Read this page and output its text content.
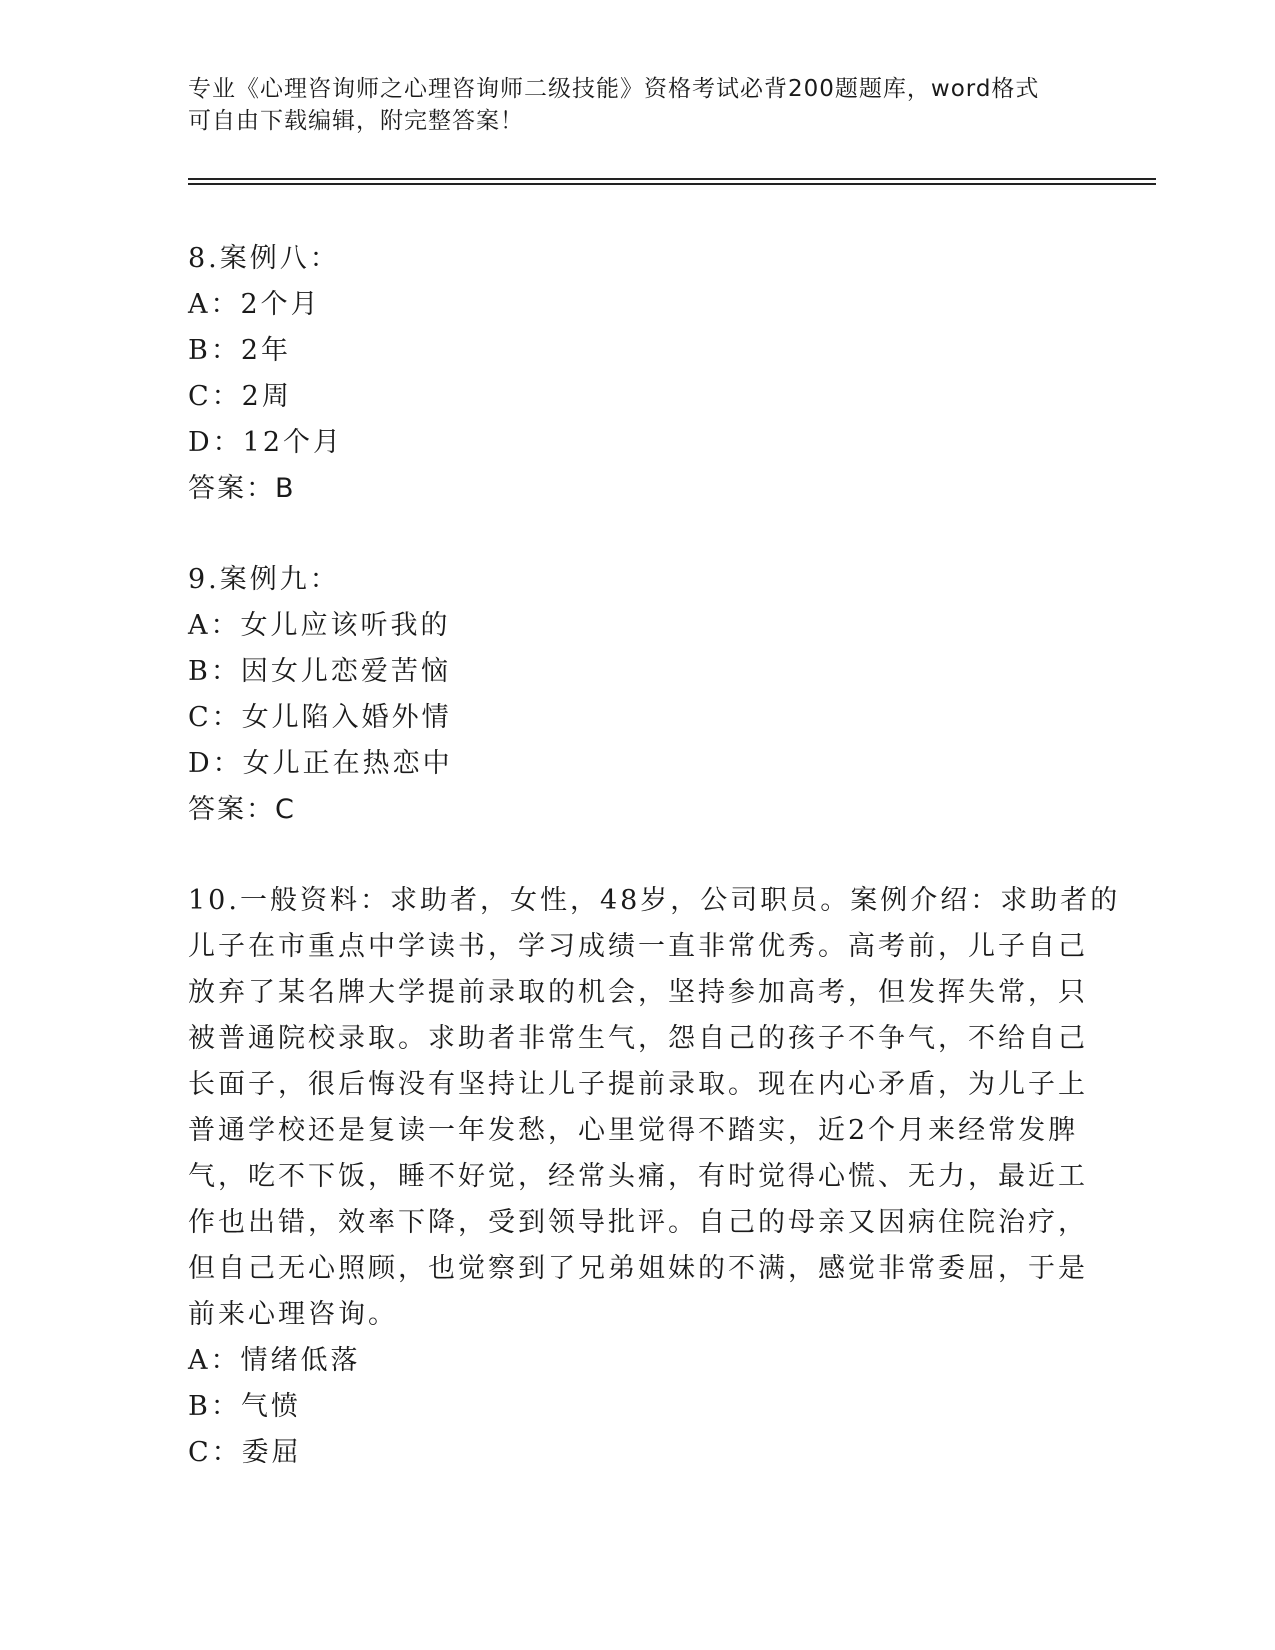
专业《心理咨询师之心理咨询师二级技能》资格考试必背200题题库，word格式
可自由下载编辑，附完整答案！
8.案例八：
A：2个月
B：2年
C：2周
D：12个月
答案：B
9.案例九：
A：女儿应该听我的
B：因女儿恋爱苦恼
C：女儿陷入婚外情
D：女儿正在热恋中
答案：C
10.一般资料：求助者，女性，48岁，公司职员。案例介绍：求助者的
儿子在市重点中学读书，学习成绩一直非常优秀。高考前，儿子自己
放弃了某名牌大学提前录取的机会，坚持参加高考，但发挥失常，只
被普通院校录取。求助者非常生气，怨自己的孩子不争气，不给自己
长面子，很后悔没有坚持让儿子提前录取。现在内心矛盾，为儿子上
普通学校还是复读一年发愁，心里觉得不踏实，近2个月来经常发脾
气，吃不下饭，睡不好觉，经常头痛，有时觉得心慌、无力，最近工
作也出错，效率下降，受到领导批评。自己的母亲又因病住院治疗，
但自己无心照顾，也觉察到了兄弟姐妹的不满，感觉非常委屈，于是
前来心理咨询。
A：情绪低落
B：气愤
C：委屈
